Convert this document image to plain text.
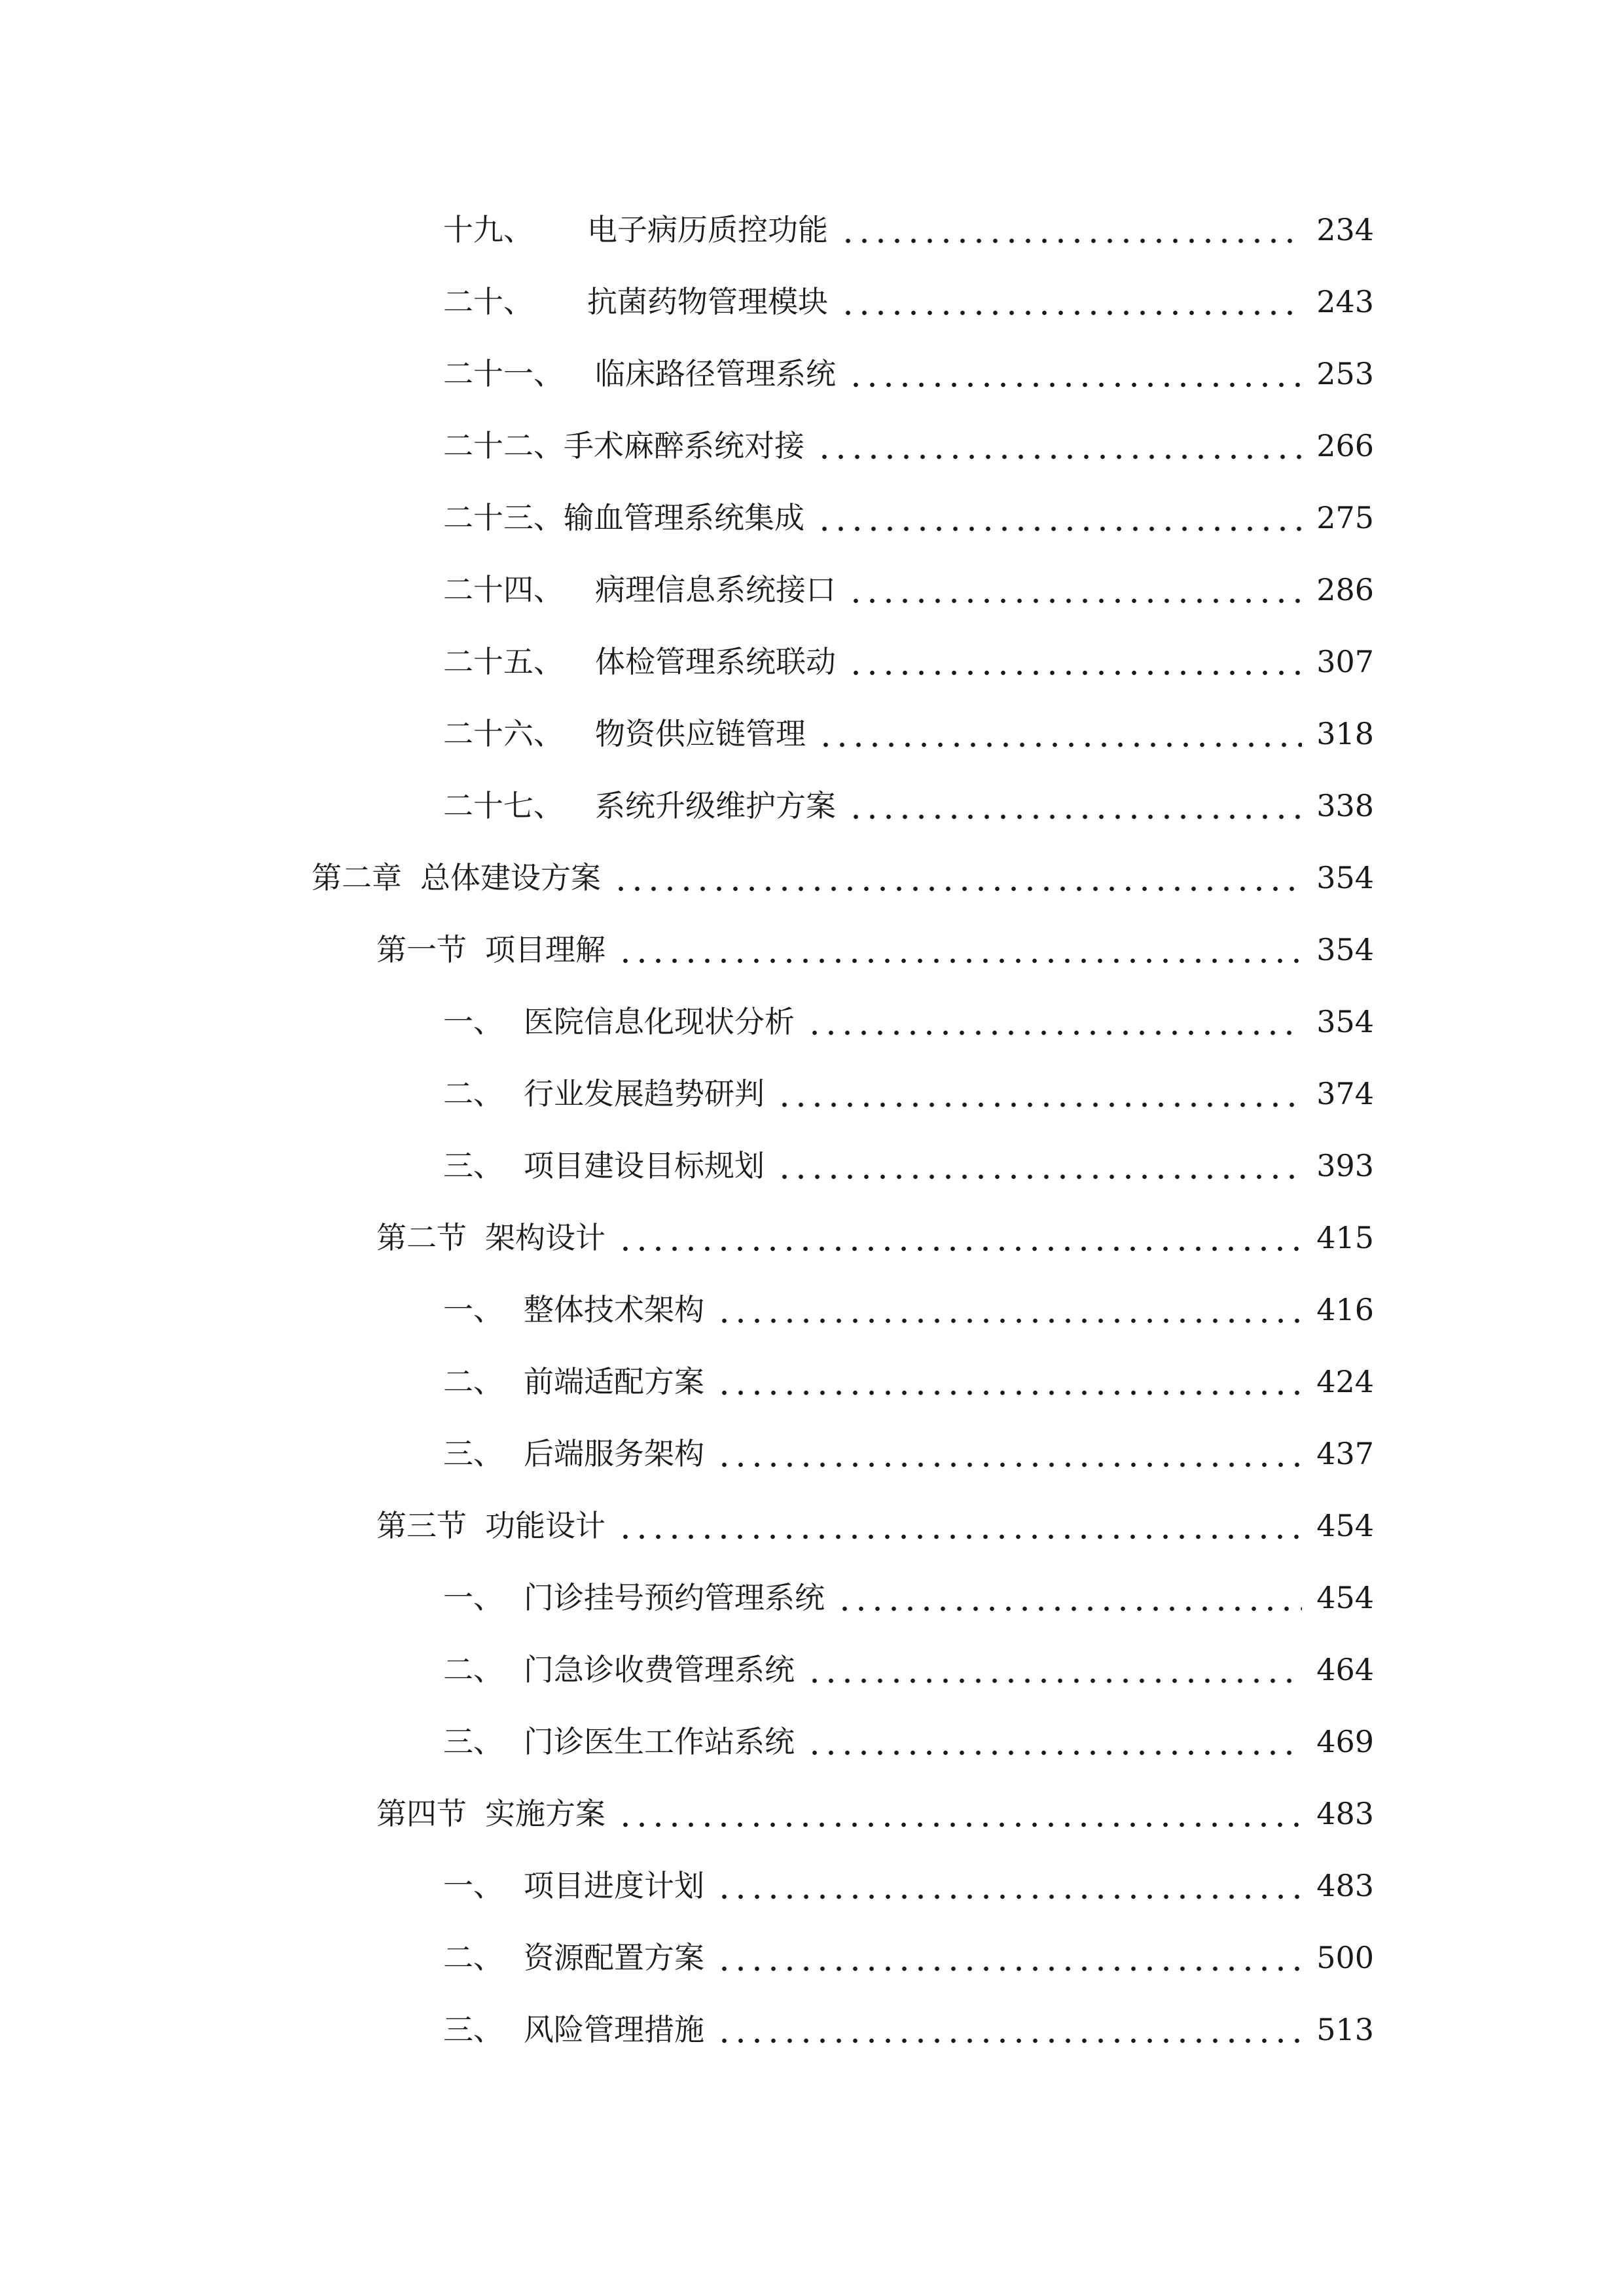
十九、	电子病历质控功能	234
二十、	抗菌药物管理模块	243
二十一、	临床路径管理系统	253
二十二、 手术麻醉系统对接	266
二十三、 输血管理系统集成	275
二十四、	病理信息系统接口	286
二十五、	体检管理系统联动	307
二十六、	物资供应链管理	318
二十七、	系统升级维护方案	338
第二章 总体建设方案	354
第一节 项目理解	354
一、 医院信息化现状分析	354
二、 行业发展趋势研判	374
三、 项目建设目标规划	393
第二节 架构设计	415
一、 整体技术架构	416
二、 前端适配方案	424
三、 后端服务架构	437
第三节 功能设计	454
一、 门诊挂号预约管理系统	454
二、 门急诊收费管理系统	464
三、 门诊医生工作站系统	469
第四节 实施方案	483
一、 项目进度计划	483
二、 资源配置方案	500
三、 风险管理措施	513
